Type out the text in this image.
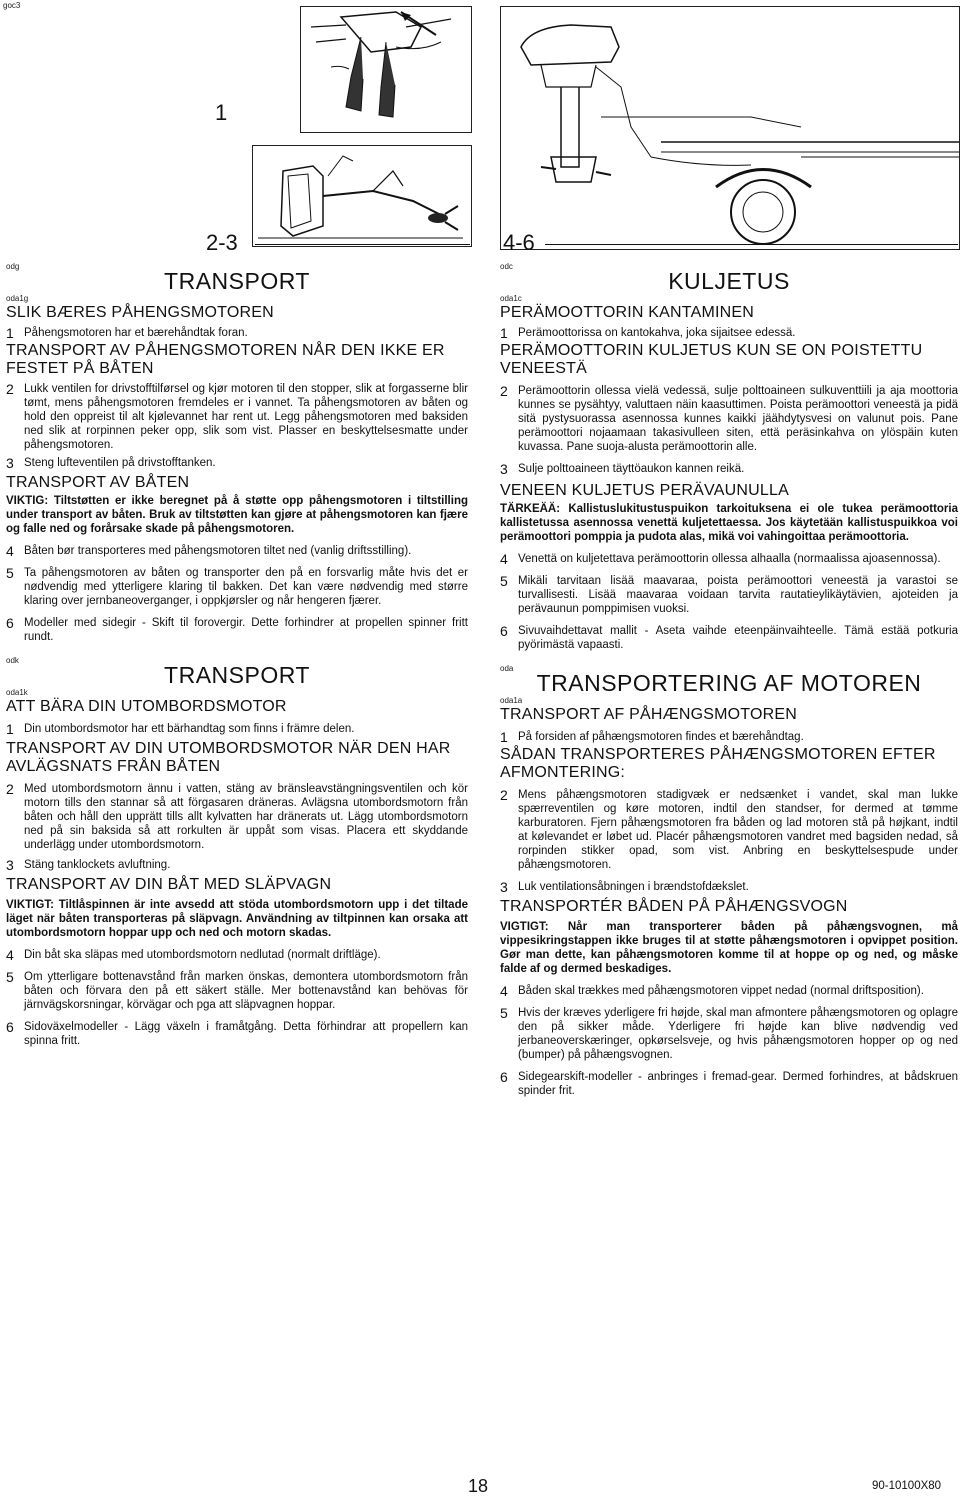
goc3
1
2-3	4-6

odg

TRANSPORT

oda1g

SLIK BÆRES PÅHENGSMOTOREN

1 Påhengsmotoren har et bærehåndtak foran.

TRANSPORT AV PÅHENGSMOTOREN NÅR DEN IKKE ER FESTET PÅ BÅTEN

2 Lukk ventilen for drivstofftilførsel og kjør motoren til den stopper, slik at forgasserne blir tømt, mens påhengsmotoren fremdeles er i vannet. Ta påhengsmotoren av båten og hold den oppreist til alt kjølevannet har rent ut. Legg påhengsmotoren med baksiden ned slik at rorpinnen peker opp, slik som vist. Plasser en beskyttelsesmatte under påhengsmotoren.
3 Steng lufteventilen på drivstofftanken.

TRANSPORT AV BÅTEN

VIKTIG: Tiltstøtten er ikke beregnet på å støtte opp påhengsmotoren i tiltstilling under transport av båten. Bruk av tiltstøtten kan gjøre at påhengsmotoren kan fjære og falle ned og forårsake skade på påhengsmotoren.

4 Båten bør transporteres med påhengsmotoren tiltet ned (vanlig driftsstilling).
5 Ta påhengsmotoren av båten og transporter den på en forsvarlig måte hvis det er nødvendig med ytterligere klaring til bakken. Det kan være nødvendig med større klaring over jernbaneoverganger, i oppkjørsler og når hengeren fjærer.
6 Modeller med sidegir - Skift til forovergir. Dette forhindrer at propellen spinner fritt rundt.

odk

TRANSPORT

oda1k

ATT BÄRA DIN UTOMBORDSMOTOR

1 Din utombordsmotor har ett bärhandtag som finns i främre delen.

TRANSPORT AV DIN UTOMBORDSMOTOR NÄR DEN HAR AVLÄGSNATS FRÅN BÅTEN

2 Med utombordsmotorn ännu i vatten, stäng av bränsleavstängningsventilen och kör motorn tills den stannar så att förgasaren dräneras. Avlägsna utombordsmotorn från båten och håll den upprätt tills allt kylvatten har dränerats ut. Lägg utombordsmotorn ned på sin baksida så att rorkulten är uppåt som visas. Placera ett skyddande underlägg under utombordsmotorn.
3 Stäng tanklockets avluftning.

TRANSPORT AV DIN BÅT MED SLÄPVAGN

VIKTIGT: Tiltlåspinnen är inte avsedd att stöda utombordsmotorn upp i det tiltade läget när båten transporteras på släpvagn. Användning av tiltpinnen kan orsaka att utombordsmotorn hoppar upp och ned och motorn skadas.

4 Din båt ska släpas med utombordsmotorn nedlutad (normalt driftläge).
5 Om ytterligare bottenavstånd från marken önskas, demontera utombordsmotorn från båten och förvara den på ett säkert ställe. Mer bottenavstånd kan behövas för järnvägskorsningar, körvägar och pga att släpvagnen hoppar.
6 Sidoväxelmodeller - Lägg växeln i framåtgång. Detta förhindrar att propellern kan spinna fritt.

odc

KULJETUS

oda1c

PERÄMOOTTORIN KANTAMINEN

1 Perämoottorissa on kantokahva, joka sijaitsee edessä.

PERÄMOOTTORIN KULJETUS KUN SE ON POISTETTU VENEESTÄ

2 Perämoottorin ollessa vielä vedessä, sulje polttoaineen sulkuventtiili ja aja moottoria kunnes se pysähtyy, valuttaen näin kaasuttimen. Poista perämoottori veneestä ja pidä sitä pystysuorassa asennossa kunnes kaikki jäähdytysvesi on valunut pois. Pane perämoottori nojaamaan takasivulleen siten, että peräsinkahva on ylöspäin kuten kuvassa. Pane suoja-alusta perämoottorin alle.
3 Sulje polttoaineen täyttöaukon kannen reikä.

VENEEN KULJETUS PERÄVAUNULLA

TÄRKEÄÄ: Kallistuslukitustuspuikon tarkoituksena ei ole tukea perämoottoria kallistetussa asennossa venettä kuljetettaessa. Jos käytetään kallistuspuikkoa voi perämoottori pomppia ja pudota alas, mikä voi vahingoittaa perämoottoria.

4 Venettä on kuljetettava perämoottorin ollessa alhaalla (normaalissa ajoasennossa).
5 Mikäli tarvitaan lisää maavaraa, poista perämoottori veneestä ja varastoi se turvallisesti. Lisää maavaraa voidaan tarvita rautatieylikäytävien, ajoteiden ja perävaunun pomppimisen vuoksi.
6 Sivuvaihdettavat mallit - Aseta vaihde eteenpäinvaihteelle. Tämä estää potkuria pyörimästä vapaasti.

oda

TRANSPORTERING AF MOTOREN

oda1a

TRANSPORT AF PÅHÆNGSMOTOREN

1 På forsiden af påhængsmotoren findes et bærehåndtag.

SÅDAN TRANSPORTERES PÅHÆNGSMOTOREN EFTER AFMONTERING:

2 Mens påhængsmotoren stadigvæk er nedsænket i vandet, skal man lukke spærreventilen og køre motoren, indtil den standser, for dermed at tømme karburatoren. Fjern påhængsmotoren fra båden og lad motoren stå på højkant, indtil at kølevandet er løbet ud. Placér påhængsmotoren vandret med bagsiden nedad, så rorpinden stikker opad, som vist. Anbring en beskyttelsespude under påhængsmotoren.
3 Luk ventilationsåbningen i brændstofdækslet.

TRANSPORTÉR BÅDEN PÅ PÅHÆNGSVOGN

VIGTIGT: Når man transporterer båden på påhængsvognen, må vippesikringstappen ikke bruges til at støtte påhængsmotoren i opvippet position. Gør man dette, kan påhængsmotoren komme til at hoppe op og ned, og måske falde af og dermed beskadiges.

4 Båden skal trækkes med påhængsmotoren vippet nedad (normal driftsposition).
5 Hvis der kræves yderligere fri højde, skal man afmontere påhængsmotoren og oplagre den på sikker måde. Yderligere fri højde kan blive nødvendig ved jerbaneoverskæringer, opkørselsveje, og hvis påhængsmotoren hopper op og ned (bumper) på påhængsvognen.
6 Sidegearskift-modeller - anbringes i fremad-gear. Dermed forhindres, at bådskruen spinder frit.
18	90-10100X80
